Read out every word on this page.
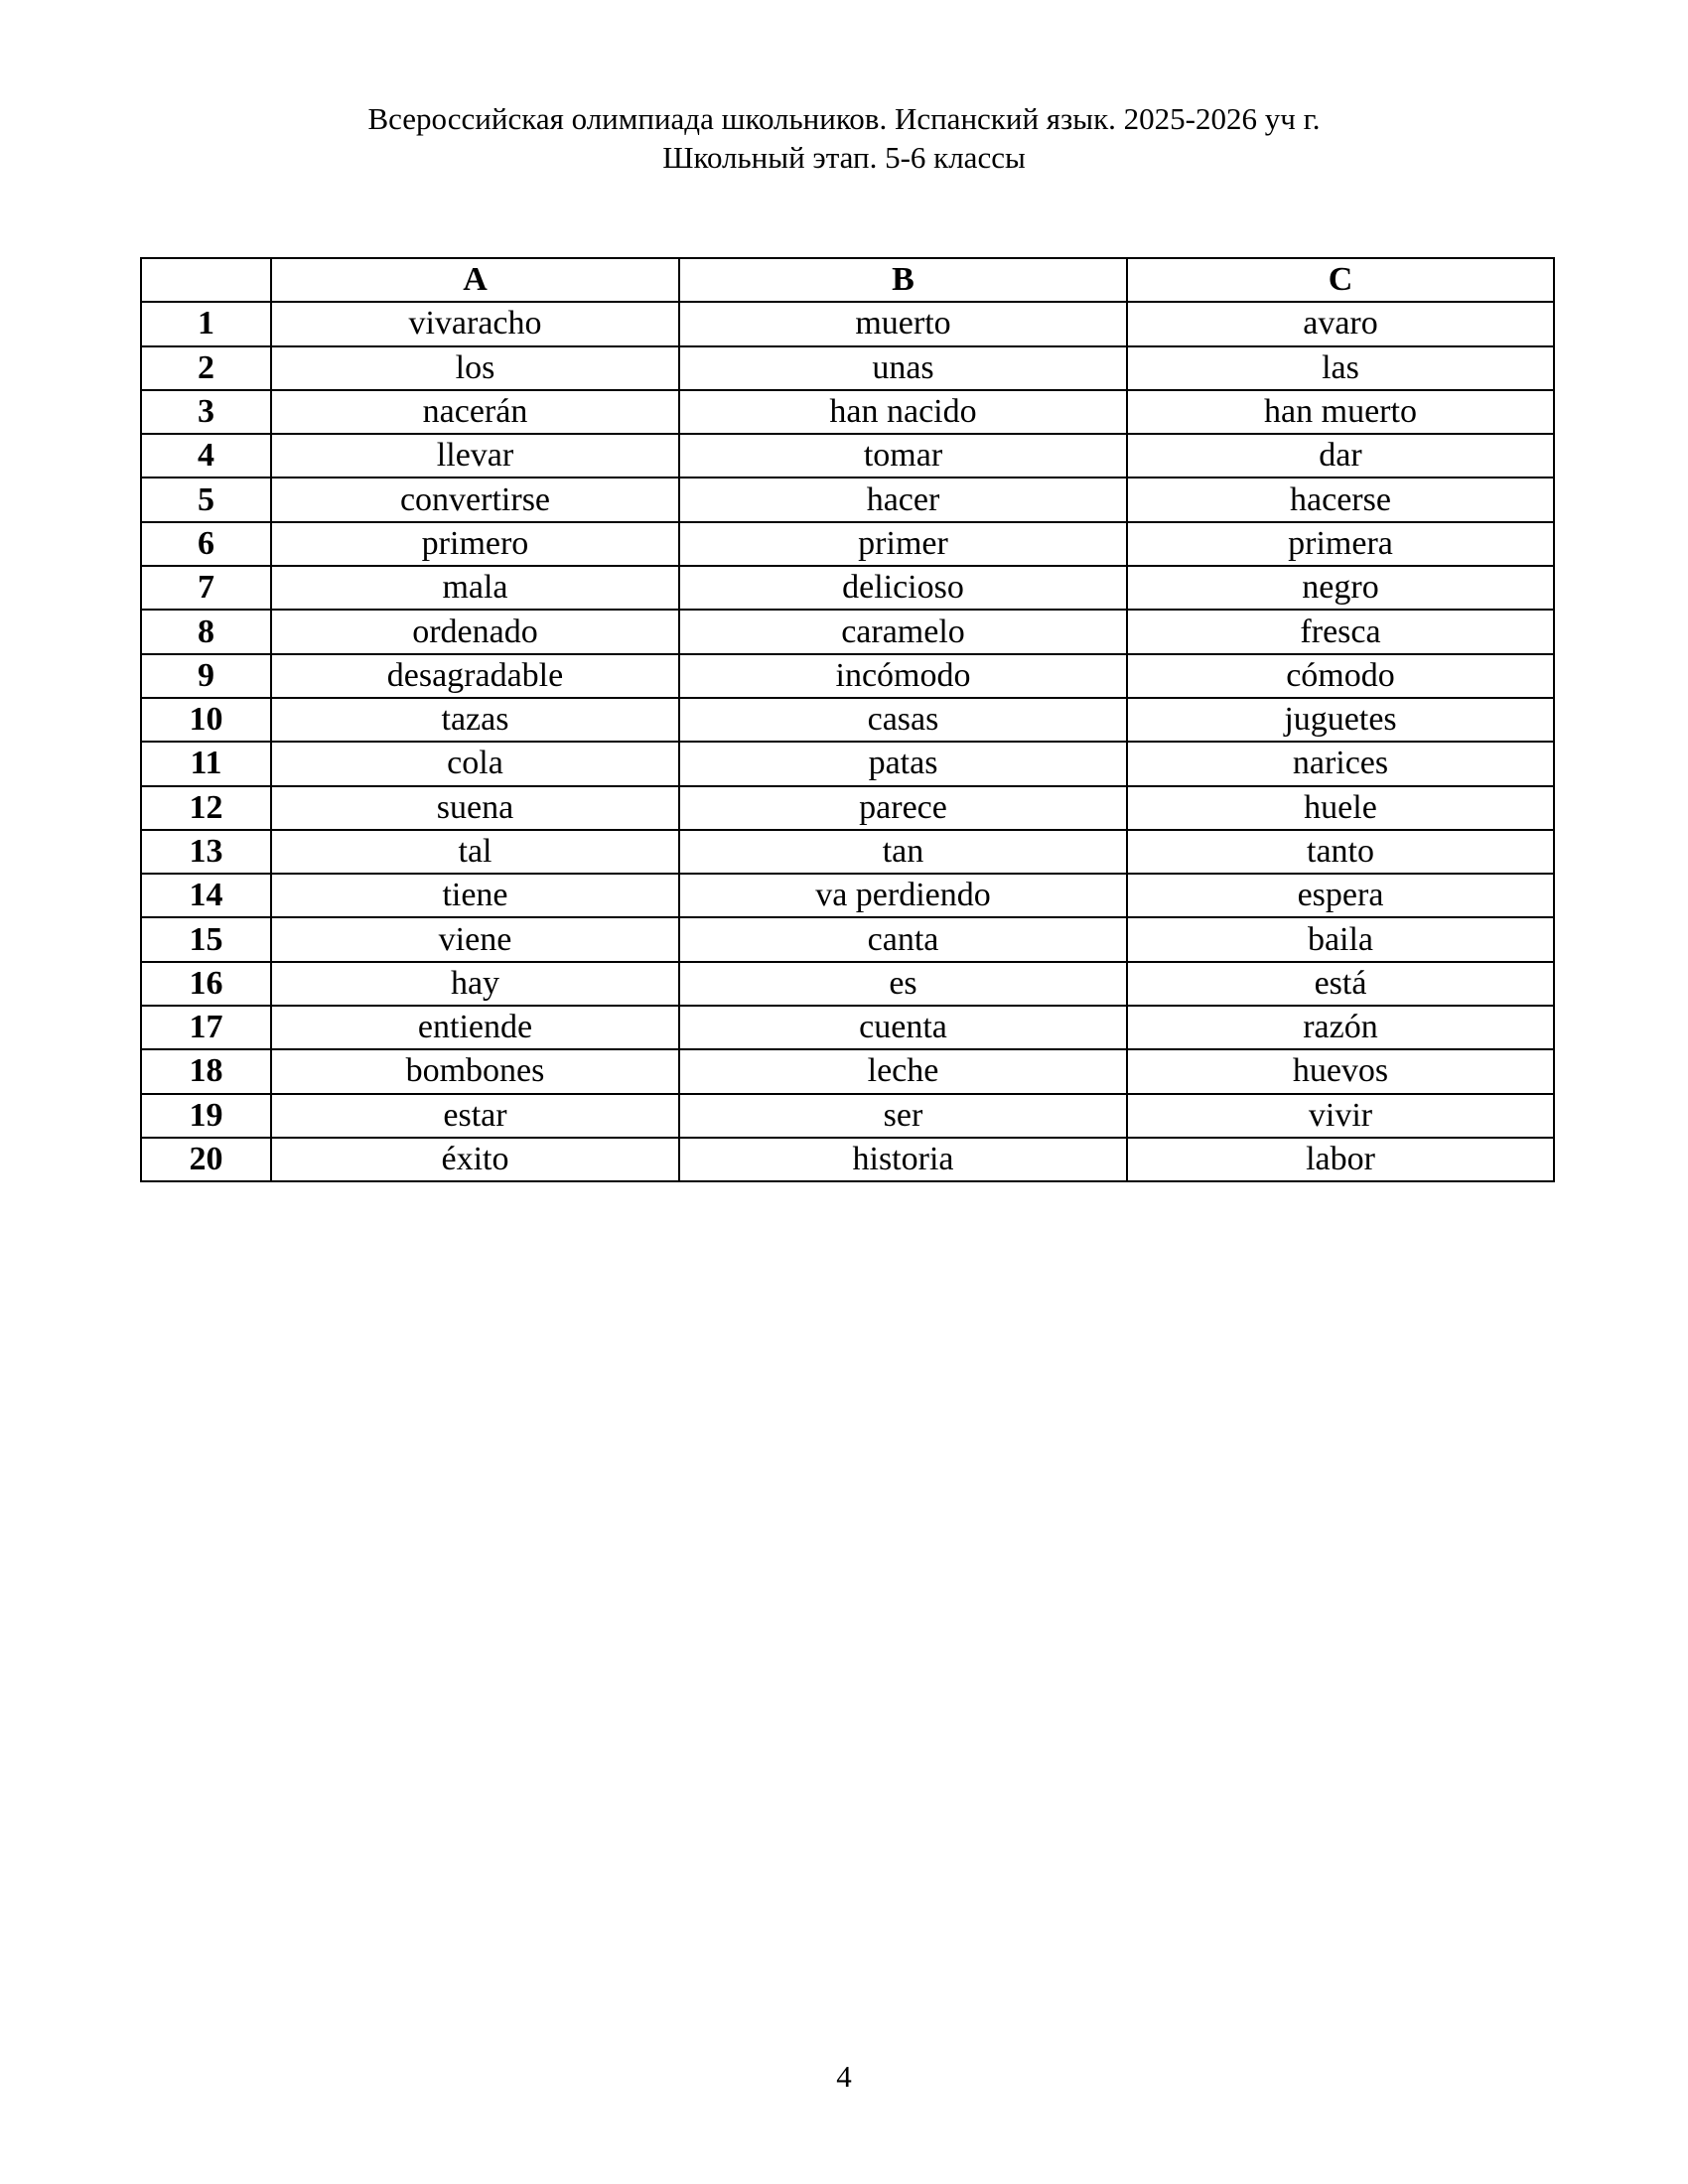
Всероссийская олимпиада школьников. Испанский язык. 2025-2026 уч г.
Школьный этап. 5-6 классы
	A	B	C
1	vivaracho	muerto	avaro
2	los	unas	las
3	nacerán	han nacido	han muerto
4	llevar	tomar	dar
5	convertirse	hacer	hacerse
6	primero	primer	primera
7	mala	delicioso	negro
8	ordenado	caramelo	fresca
9	desagradable	incómodo	cómodo
10	tazas	casas	juguetes
11	cola	patas	narices
12	suena	parece	huele
13	tal	tan	tanto
14	tiene	va perdiendo	espera
15	viene	canta	baila
16	hay	es	está
17	entiende	cuenta	razón
18	bombones	leche	huevos
19	estar	ser	vivir
20	éxito	historia	labor
4
